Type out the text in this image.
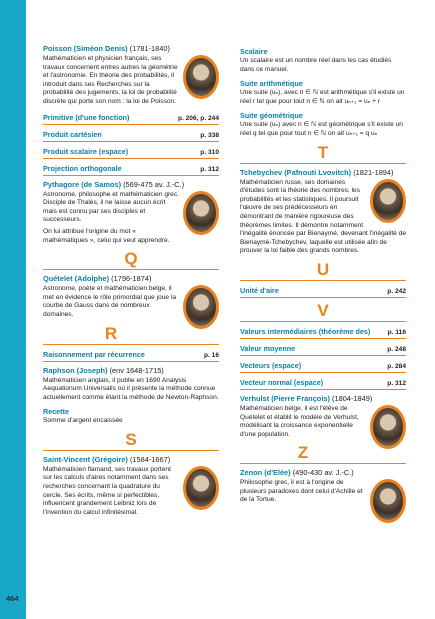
464
Poisson (Siméon Denis) (1781-1840)
Mathématicien et physicien français, ses travaux concernent entres autres la géométrie et l'astronomie. En théorie des probabilités, il introduit dans ses Recherches sur la probabilité des jugements, la loi de probabilité discrète qui porte son nom : la loi de Poisson.
Primitive (d'une fonction)	p. 206, p. 244
Produit cartésien	p. 338
Produit scalaire (espace)	p. 310
Projection orthogonale	p. 312
Pythagore (de Samos) (569-475 av. J.-C.)
Astronome, philosophe et mathématicien grec. Disciple de Thalès, il ne laisse aucun écrit mais est connu par ses disciples et successeurs.
On lui attribue l'origine du mot « mathématiques », celui qui veut apprendre.
Q
Quételet (Adolphe) (1796-1874)
Astronome, poète et mathématicien belge, il met en évidence le rôle primordial que joue la courbe de Gauss dans de nombreux domaines.
R
Raisonnement par récurrence	p. 16
Raphson (Joseph) (env 1648-1715)
Mathématicien anglais, il publie en 1690 Analysis Aequationum Universalis où il présente la méthode connue actuellement comme étant la méthode de Newton-Raphson.
Recette
Somme d'argent encaissée
S
Saint-Vincent (Grégoire) (1584-1667)
Mathématicien flamand, ses travaux portent sur les calculs d'aires notamment dans ses recherches concernant la quadrature du cercle. Ses écrits, même si perfectibles, influencent grandement Leibniz lors de l'invention du calcul infinitésimal.
Scalaire
Un scalaire est un nombre réel dans les cas étudiés dans ce manuel.
Suite arithmétique
Une suite (uₙ), avec n ∈ ℕ est arithmétique s'il existe un réel r tel que pour tout n ∈ ℕ on ait uₙ₊₁ = uₙ + r
Suite géométrique
Une suite (uₙ) avec n ∈ ℕ est géométrique s'il existe un réel q tel que pour tout n ∈ ℕ on ait uₙ₊₁ = q uₙ
T
Tchebychev (Pafnouti Lvovitch) (1821-1894)
Mathématicien russe, ses domaines d'études sont la théorie des nombres, les probabilités et les statistiques. Il poursuit l'œuvre de ses prédécesseurs en démontrant de manière rigoureuse des théorèmes limites. Il démontre notamment l'inégalité énoncée par Bienaymé, devenant l'inégalité de Bienaymé-Tchebychev, laquelle est utilisée afin de prouver la loi faible des grands nombres.
U
Unité d'aire	p. 242
V
Valeurs intermédiaires (théorème des)	p. 116
Valeur moyenne	p. 248
Vecteurs (espace)	p. 284
Vecteur normal (espace)	p. 312
Verhulst (Pierre François) (1804-1849)
Mathématicien belge, il est l'élève de Quételet et établit le modèle de Verhulst, modélisant la croissance exponentielle d'une population.
Z
Zenon (d'Elée) (490-430 av. J.-C.)
Philosophe grec, il est à l'origine de plusieurs paradoxes dont celui d'Achille et de la Tortue.
